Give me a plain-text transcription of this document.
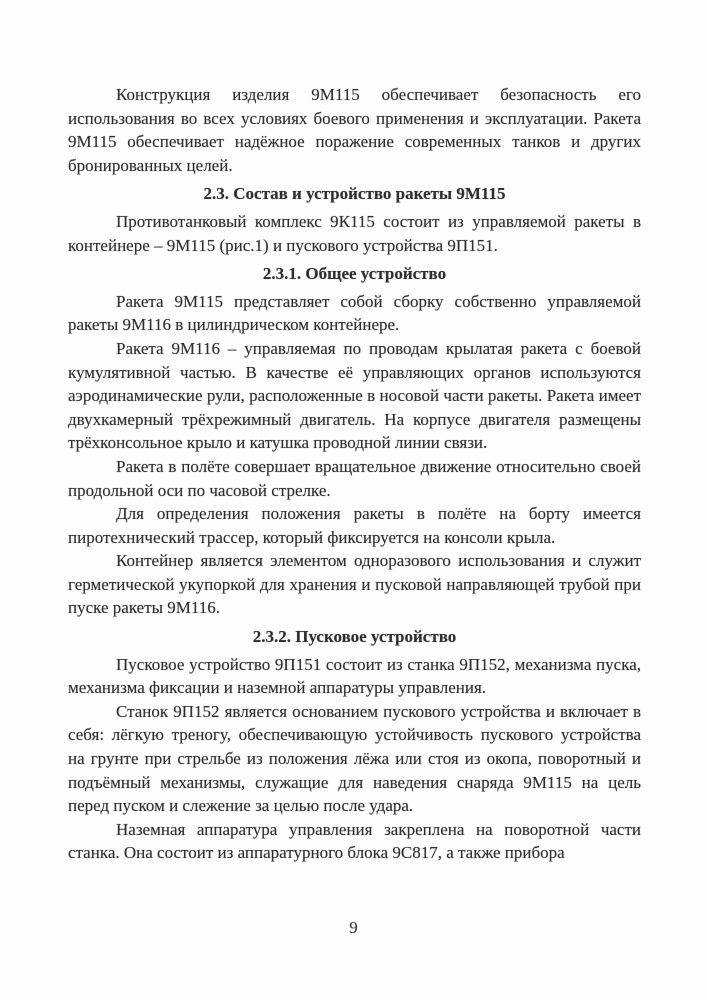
Конструкция изделия 9М115 обеспечивает безопасность его использования во всех условиях боевого применения и эксплуатации. Ракета 9М115 обеспечивает надёжное поражение современных танков и других бронированных целей.

2.3. Состав и устройство ракеты 9М115

Противотанковый комплекс 9К115 состоит из управляемой ракеты в контейнере – 9М115 (рис.1) и пускового устройства 9П151.

2.3.1. Общее устройство

Ракета 9М115 представляет собой сборку собственно управляемой ракеты 9М116 в цилиндрическом контейнере.

Ракета 9М116 – управляемая по проводам крылатая ракета с боевой кумулятивной частью. В качестве её управляющих органов используются аэродинамические рули, расположенные в носовой части ракеты. Ракета имеет двухкамерный трёхрежимный двигатель. На корпусе двигателя размещены трёхконсольное крыло и катушка проводной линии связи.

Ракета в полёте совершает вращательное движение относительно своей продольной оси по часовой стрелке.

Для определения положения ракеты в полёте на борту имеется пиротехнический трассер, который фиксируется на консоли крыла.

Контейнер является элементом одноразового использования и служит герметической укупоркой для хранения и пусковой направляющей трубой при пуске ракеты 9М116.

2.3.2. Пусковое устройство

Пусковое устройство 9П151 состоит из станка 9П152, механизма пуска, механизма фиксации и наземной аппаратуры управления.

Станок 9П152 является основанием пускового устройства и включает в себя: лёгкую треногу, обеспечивающую устойчивость пускового устройства на грунте при стрельбе из положения лёжа или стоя из окопа, поворотный и подъёмный механизмы, служащие для наведения снаряда 9М115 на цель перед пуском и слежение за целью после удара.

Наземная аппаратура управления закреплена на поворотной части станка. Она состоит из аппаратурного блока 9С817, а также прибора

9
